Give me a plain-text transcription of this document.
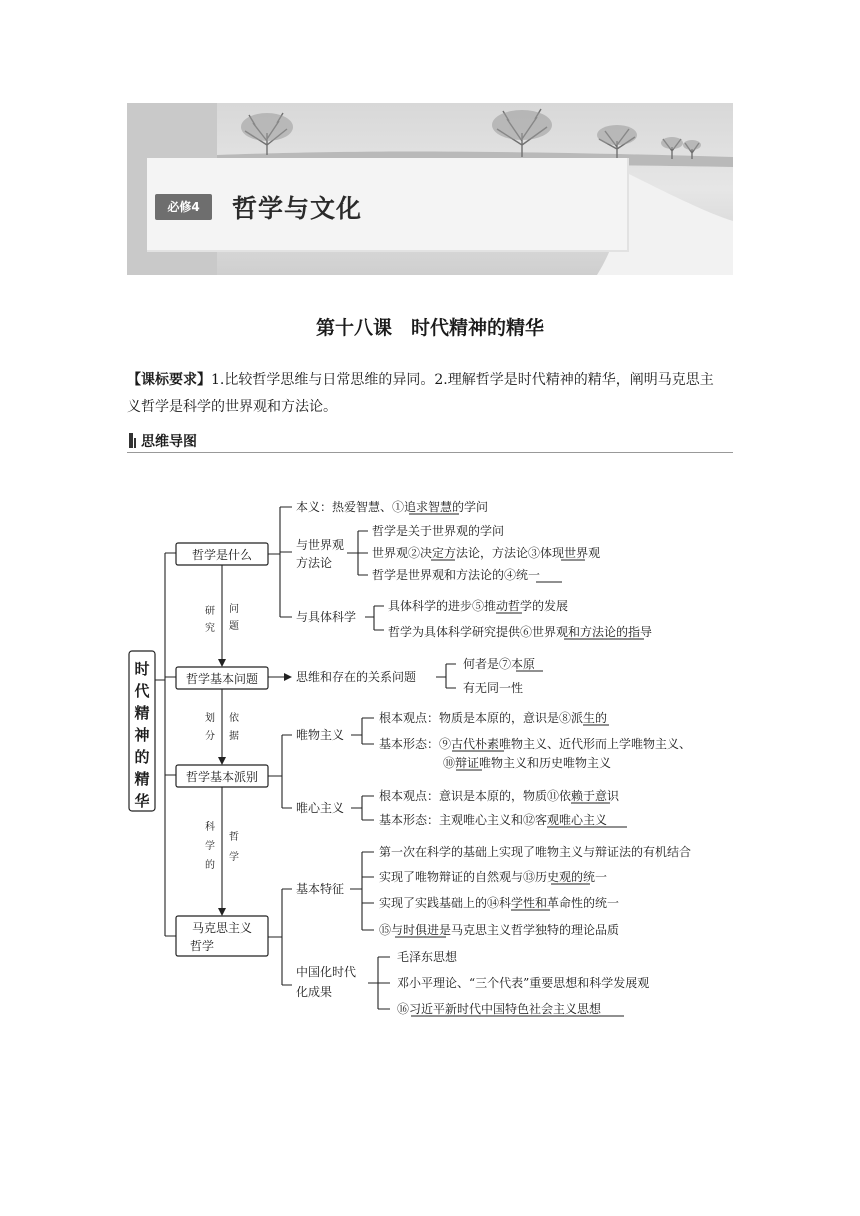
必修4	哲学与文化
第十八课　时代精神的精华
【课标要求】1.比较哲学思维与日常思维的异同。2.理解哲学是时代精神的精华，阐明马克思主
义哲学是科学的世界观和方法论。
思维导图
时
代
精
神
的
精
华
哲学是什么
本义：热爱智慧、①追求智慧的学问
与世界观
方法论
哲学是关于世界观的学问
世界观②决定方法论，方法论③体现世界观
哲学是世界观和方法论的④统一
与具体科学
具体科学的进步⑤推动哲学的发展
哲学为具体科学研究提供⑥世界观和方法论的指导
研
究
问
题
哲学基本问题	思维和存在的关系问题
何者是⑦本原
有无同一性
划
分
依
据
哲学基本派别
唯物主义
根本观点：物质是本原的，意识是⑧派生的
基本形态：⑨古代朴素唯物主义、近代形而上学唯物主义、
⑩辩证唯物主义和历史唯物主义
唯心主义
根本观点：意识是本原的，物质⑪依赖于意识
基本形态：主观唯心主义和⑫客观唯心主义
科
学
的
哲
学
马克思主义
哲学
基本特征
第一次在科学的基础上实现了唯物主义与辩证法的有机结合
实现了唯物辩证的自然观与⑬历史观的统一
实现了实践基础上的⑭科学性和革命性的统一
⑮与时俱进是马克思主义哲学独特的理论品质
中国化时代
化成果
毛泽东思想
邓小平理论、“三个代表”重要思想和科学发展观
⑯习近平新时代中国特色社会主义思想
